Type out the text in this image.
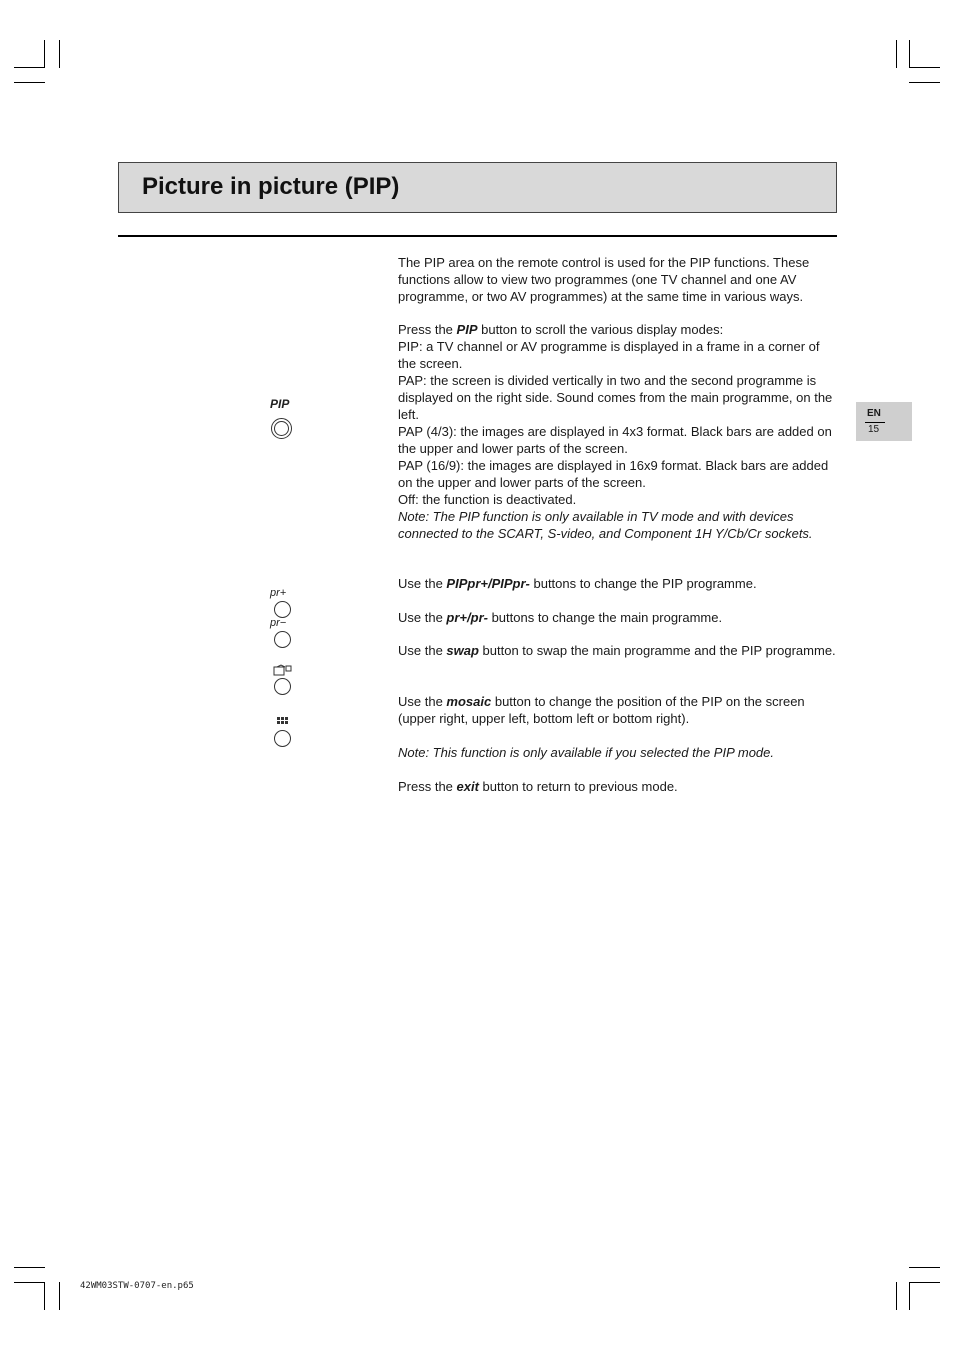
Picture in picture (PIP)
EN
15
PIP
pr+
pr−

The PIP area on the remote control is used for the PIP functions. These functions allow to view two programmes (one TV channel and one AV programme, or two AV programmes) at the same time in various ways.

Press the PIP button to scroll the various display modes:

PIP: a TV channel or AV programme is displayed in a frame in a corner of the screen.

PAP: the screen is divided vertically in two and the second programme is displayed on the right side. Sound comes from the main programme, on the left.

PAP (4/3): the images are displayed in 4x3 format. Black bars are added on the upper and lower parts of the screen.

PAP (16/9): the images are displayed in 16x9 format. Black bars are added on the upper and lower parts of the screen.

Off: the function is deactivated.

Note: The PIP function is only available in TV mode and with devices connected to the SCART, S-video, and Component 1H Y/Cb/Cr sockets.

Use the PIPpr+/PIPpr- buttons to change the PIP programme.

Use the pr+/pr- buttons to change the main programme.

Use the swap button to swap the main programme and the PIP programme.

Use the mosaic button to change the position of the PIP on the screen (upper right, upper left, bottom left or bottom right).

Note: This function is only available if you selected the PIP mode.

Press the exit button to return to previous mode.

42WM03STW-0707-en.p65
